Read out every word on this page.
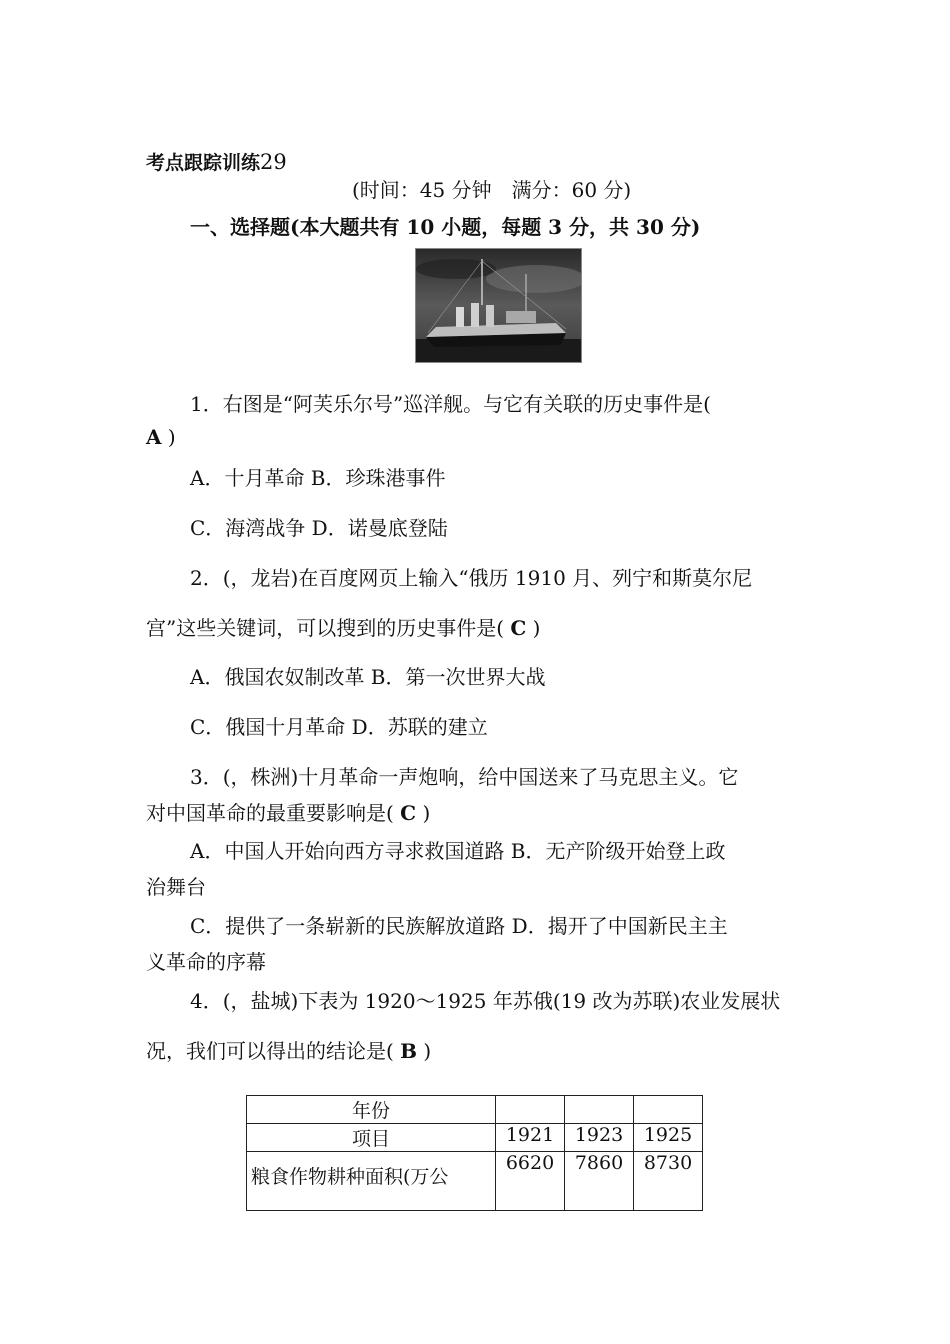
考点跟踪训练29
(时间：45 分钟　满分：60 分)
一、选择题(本大题共有 10 小题，每题 3 分，共 30 分)
1．右图是“阿芙乐尔号”巡洋舰。与它有关联的历史事件是(
A )
A．十月革命 B．珍珠港事件
C．海湾战争 D．诺曼底登陆
2．(，龙岩)在百度网页上输入“俄历 1910 月、列宁和斯莫尔尼
宫”这些关键词，可以搜到的历史事件是( C )
A．俄国农奴制改革 B．第一次世界大战
C．俄国十月革命 D．苏联的建立
3．(，株洲)十月革命一声炮响，给中国送来了马克思主义。它
对中国革命的最重要影响是( C )
A．中国人开始向西方寻求救国道路 B．无产阶级开始登上政
治舞台
C．提供了一条崭新的民族解放道路 D．揭开了中国新民主主
义革命的序幕
4．(，盐城)下表为 1920～1925 年苏俄(19 改为苏联)农业发展状
况，我们可以得出的结论是( B )
年份			
项目	1921	1923	1925
粮食作物耕种面积(万公	6620	7860	8730
